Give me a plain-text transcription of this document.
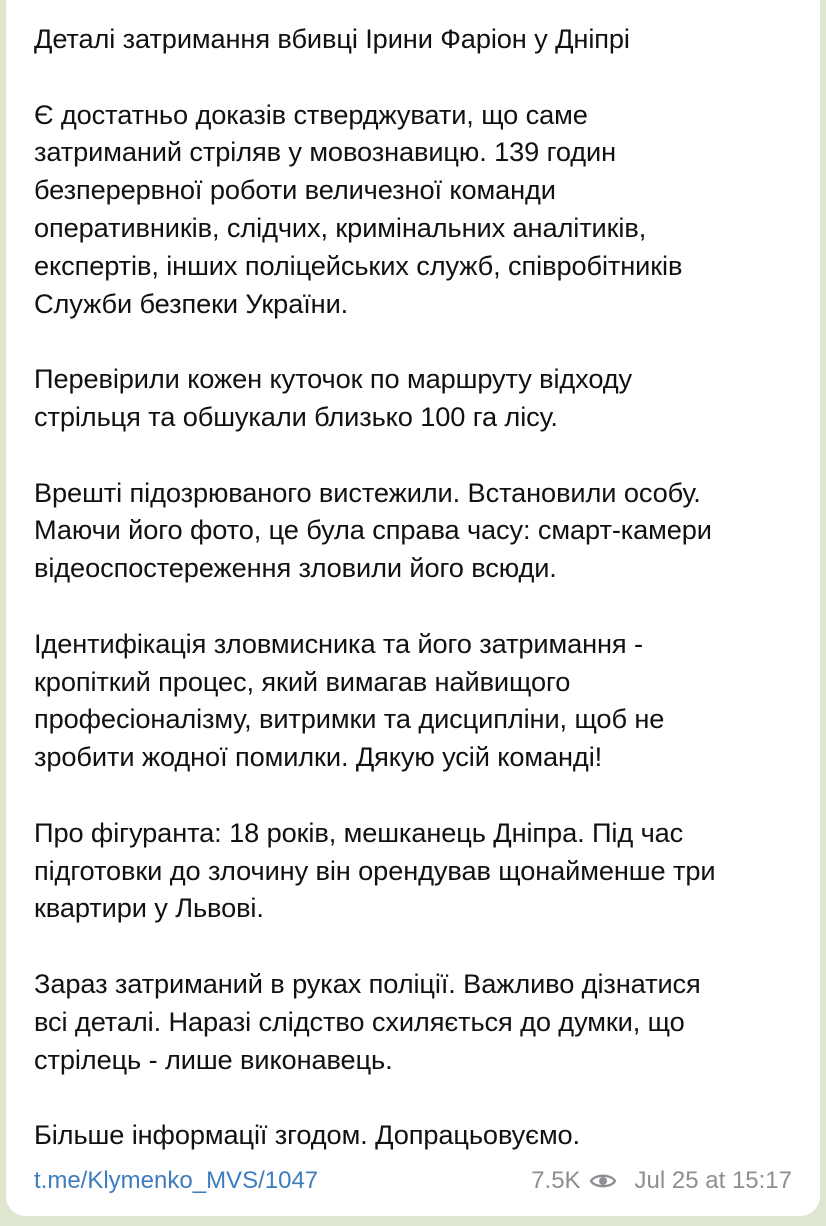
Деталі затримання вбивці Ірини Фаріон у Дніпрі
Є достатньо доказів стверджувати, що саме
затриманий стріляв у мовознавицю. 139 годин
безперервної роботи величезної команди
оперативників, слідчих, кримінальних аналітиків,
експертів, інших поліцейських служб, співробітників
Служби безпеки України.
Перевірили кожен куточок по маршруту відходу
стрільця та обшукали близько 100 га лісу.
Врешті підозрюваного вистежили. Встановили особу.
Маючи його фото, це була справа часу: смарт-камери
відеоспостереження зловили його всюди.
Ідентифікація зловмисника та його затримання -
кропіткий процес, який вимагав найвищого
професіоналізму, витримки та дисципліни, щоб не
зробити жодної помилки. Дякую усій команді!
Про фігуранта: 18 років, мешканець Дніпра. Під час
підготовки до злочину він орендував щонайменше три
квартири у Львові.
Зараз затриманий в руках поліції. Важливо дізнатися
всі деталі. Наразі слідство схиляється до думки, що
стрілець - лише виконавець.
Більше інформації згодом. Допрацьовуємо.
t.me/Klymenko_MVS/1047	7.5K Jul 25 at 15:17
